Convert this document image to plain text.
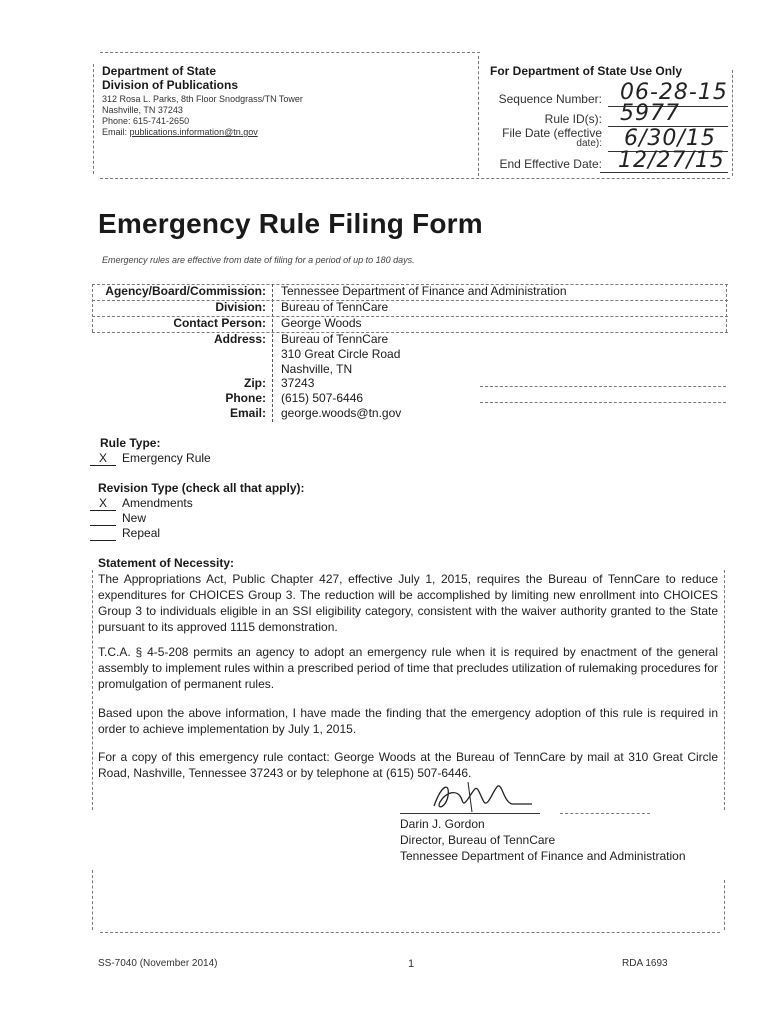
Department of State
Division of Publications
312 Rosa L. Parks, 8th Floor Snodgrass/TN Tower
Nashville, TN 37243
Phone: 615-741-2650
Email: publications.information@tn.gov
For Department of State Use Only
Sequence Number: 06-28-15
Rule ID(s): 5977
File Date (effective
date): 6/30/15
End Effective Date: 12/27/15
Emergency Rule Filing Form
Emergency rules are effective from date of filing for a period of up to 180 days.
Agency/Board/Commission: Tennessee Department of Finance and Administration
Division: Bureau of TennCare
Contact Person: George Woods
Address: Bureau of TennCare
310 Great Circle Road
Nashville, TN
Zip: 37243
Phone: (615) 507-6446
Email: george.woods@tn.gov
Rule Type:
X	Emergency Rule
Revision Type (check all that apply):
X	Amendments
New
Repeal
Statement of Necessity:
The Appropriations Act, Public Chapter 427, effective July 1, 2015, requires the Bureau of TennCare to reduce expenditures for CHOICES Group 3. The reduction will be accomplished by limiting new enrollment into CHOICES Group 3 to individuals eligible in an SSI eligibility category, consistent with the waiver authority granted to the State pursuant to its approved 1115 demonstration.
T.C.A. § 4-5-208 permits an agency to adopt an emergency rule when it is required by enactment of the general assembly to implement rules within a prescribed period of time that precludes utilization of rulemaking procedures for promulgation of permanent rules.
Based upon the above information, I have made the finding that the emergency adoption of this rule is required in order to achieve implementation by July 1, 2015.
For a copy of this emergency rule contact: George Woods at the Bureau of TennCare by mail at 310 Great Circle Road, Nashville, Tennessee 37243 or by telephone at (615) 507-6446.
Darin J. Gordon
Director, Bureau of TennCare
Tennessee Department of Finance and Administration
SS-7040 (November 2014)	1	RDA 1693
